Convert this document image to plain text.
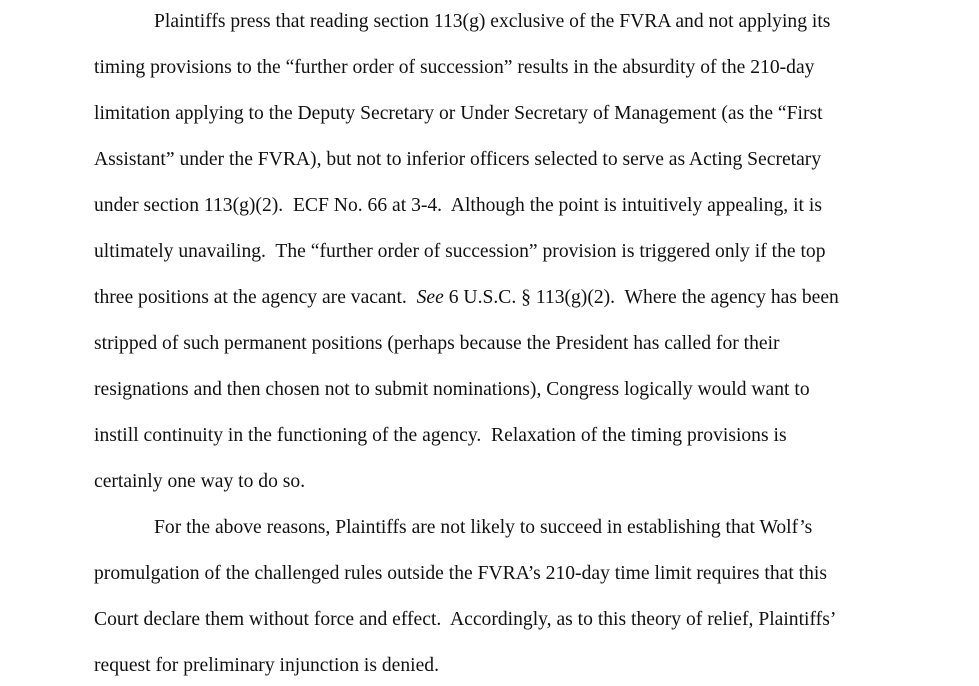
Plaintiffs press that reading section 113(g) exclusive of the FVRA and not applying its
timing provisions to the “further order of succession” results in the absurdity of the 210-day
limitation applying to the Deputy Secretary or Under Secretary of Management (as the “First
Assistant” under the FVRA), but not to inferior officers selected to serve as Acting Secretary
under section 113(g)(2).  ECF No. 66 at 3-4.  Although the point is intuitively appealing, it is
ultimately unavailing.  The “further order of succession” provision is triggered only if the top
three positions at the agency are vacant.  See 6 U.S.C. § 113(g)(2).  Where the agency has been
stripped of such permanent positions (perhaps because the President has called for their
resignations and then chosen not to submit nominations), Congress logically would want to
instill continuity in the functioning of the agency.  Relaxation of the timing provisions is
certainly one way to do so.
For the above reasons, Plaintiffs are not likely to succeed in establishing that Wolf’s
promulgation of the challenged rules outside the FVRA’s 210-day time limit requires that this
Court declare them without force and effect.  Accordingly, as to this theory of relief, Plaintiffs’
request for preliminary injunction is denied.
